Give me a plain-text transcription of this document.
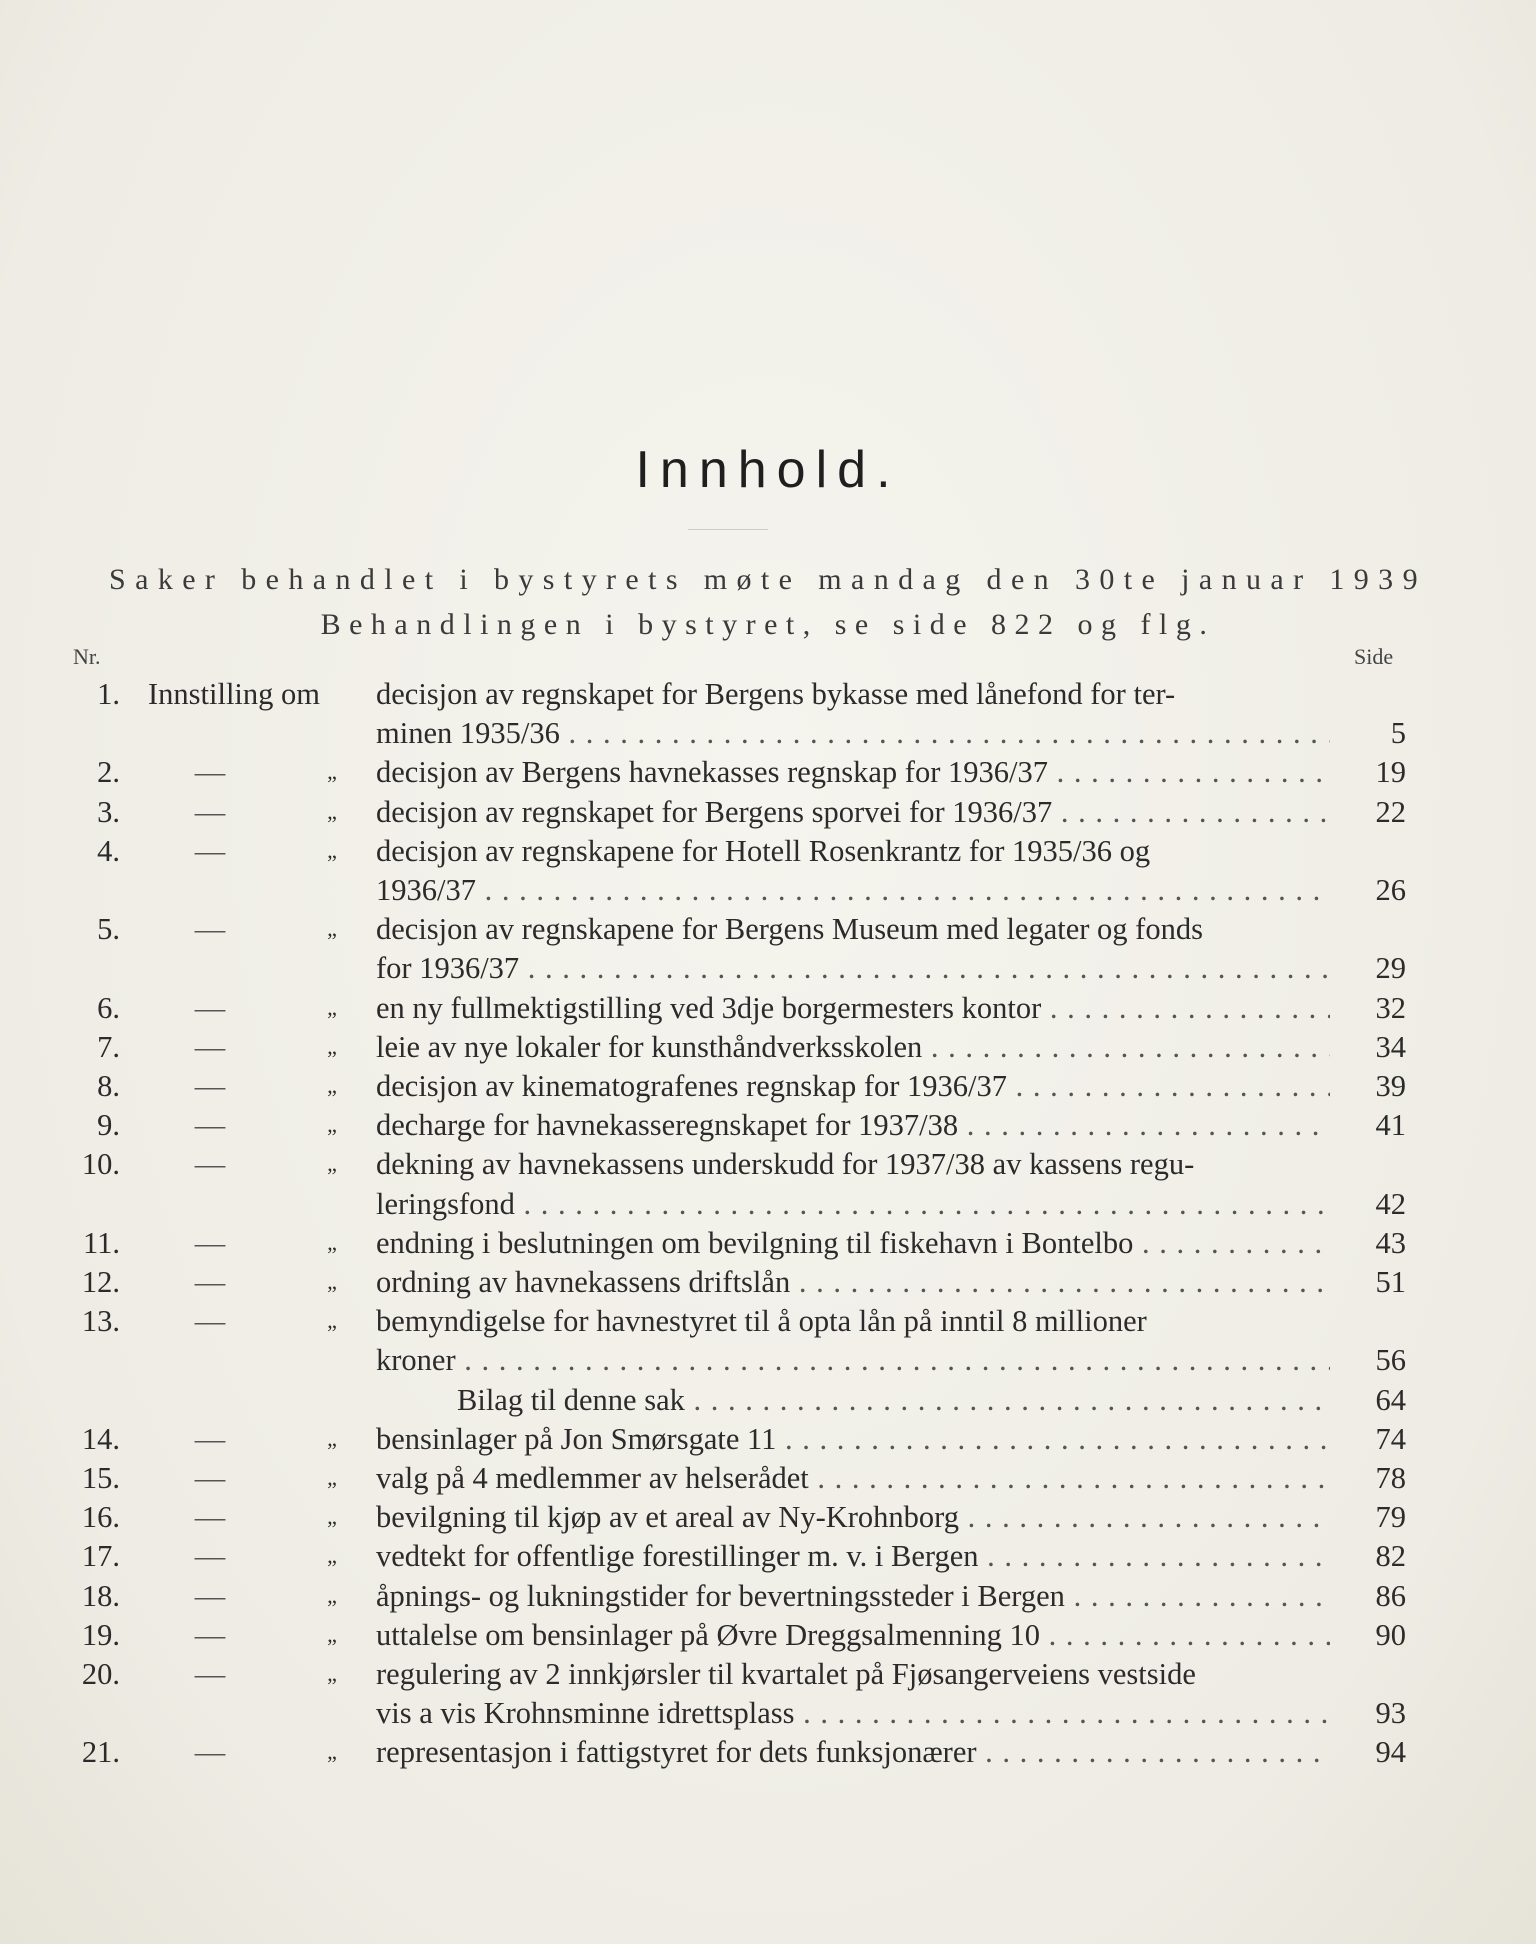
Innhold.
Saker behandlet i bystyrets møte mandag den 30te januar 1939
Behandlingen i bystyret, se side 822 og flg.
Nr.	Side
1. Innstilling om decisjon av regnskapet for Bergens bykasse med lånefond for ter-
minen 1935/36 . . .	5
2. —	„ decisjon av Bergens havnekasses regnskap for 1936/37 . . .	19
3. —	„ decisjon av regnskapet for Bergens sporvei for 1936/37 . . .	22
4. —	„ decisjon av regnskapene for Hotell Rosenkrantz for 1935/36 og
1936/37 . . .	26
5. —	„ decisjon av regnskapene for Bergens Museum med legater og fonds
for 1936/37 . . .	29
6. —	„ en ny fullmektigstilling ved 3dje borgermesters kontor . . .	32
7. —	„ leie av nye lokaler for kunsthåndverksskolen . . .	34
8. —	„ decisjon av kinematografenes regnskap for 1936/37 . . .	39
9. —	„ decharge for havnekasseregnskapet for 1937/38 . . .	41
10. —	„ dekning av havnekassens underskudd for 1937/38 av kassens regu-
leringsfond . . .	42
11. —	„ endning i beslutningen om bevilgning til fiskehavn i Bontelbo . . .	43
12. —	„ ordning av havnekassens driftslån . . .	51
13. —	„ bemyndigelse for havnestyret til å opta lån på inntil 8 millioner
kroner . . .	56
Bilag til denne sak . . .	64
14. —	„ bensinlager på Jon Smørsgate 11 . . .	74
15. —	„ valg på 4 medlemmer av helserådet . . .	78
16. —	„ bevilgning til kjøp av et areal av Ny-Krohnborg . . .	79
17. —	„ vedtekt for offentlige forestillinger m. v. i Bergen . . .	82
18. —	„ åpnings- og lukningstider for bevertningssteder i Bergen . . .	86
19. —	„ uttalelse om bensinlager på Øvre Dreggsalmenning 10 . . .	90
20. —	„ regulering av 2 innkjørsler til kvartalet på Fjøsangerveiens vestside
vis a vis Krohnsminne idrettsplass . . .	93
21. —	„ representasjon i fattigstyret for dets funksjonærer . . .	94
